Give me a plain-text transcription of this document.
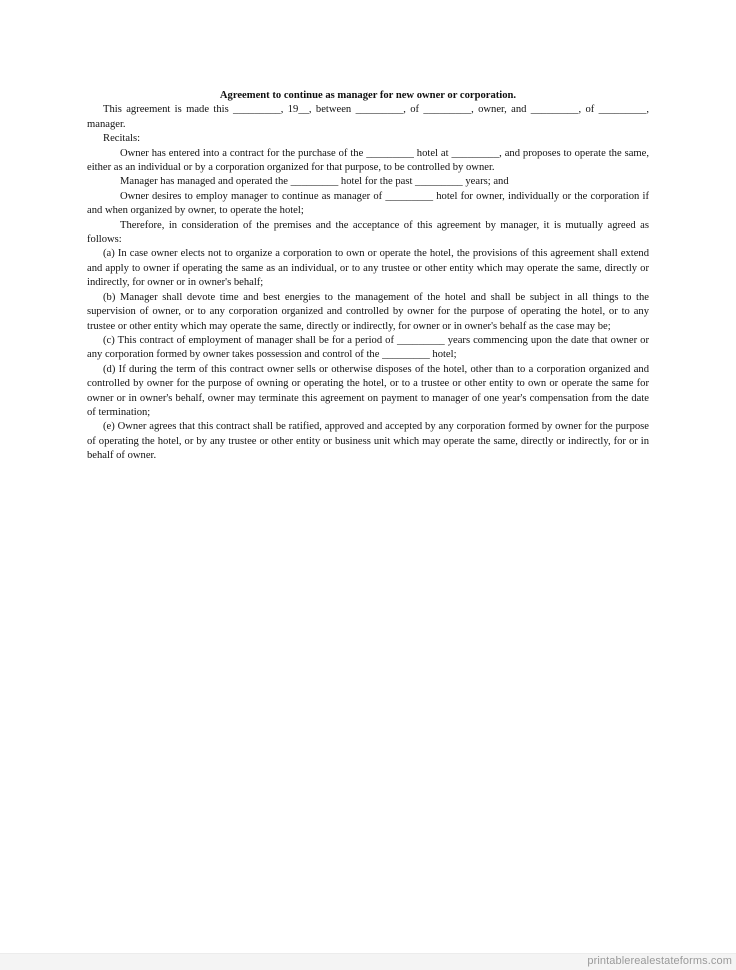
Agreement to continue as manager for new owner or corporation.

This agreement is made this _________, 19__, between _________, of _________, owner, and _________, of _________, manager.

Recitals:

Owner has entered into a contract for the purchase of the _________ hotel at _________, and proposes to operate the same, either as an individual or by a corporation organized for that purpose, to be controlled by owner.

Manager has managed and operated the _________ hotel for the past _________ years; and

Owner desires to employ manager to continue as manager of _________ hotel for owner, individually or the corporation if and when organized by owner, to operate the hotel;

Therefore, in consideration of the premises and the acceptance of this agreement by manager, it is mutually agreed as follows:

(a) In case owner elects not to organize a corporation to own or operate the hotel, the provisions of this agreement shall extend and apply to owner if operating the same as an individual, or to any trustee or other entity which may operate the same, directly or indirectly, for owner or in owner's behalf;

(b) Manager shall devote time and best energies to the management of the hotel and shall be subject in all things to the supervision of owner, or to any corporation organized and controlled by owner for the purpose of operating the hotel, or to any trustee or other entity which may operate the same, directly or indirectly, for owner or in owner's behalf as the case may be;

(c) This contract of employment of manager shall be for a period of _________ years commencing upon the date that owner or any corporation formed by owner takes possession and control of the _________ hotel;

(d) If during the term of this contract owner sells or otherwise disposes of the hotel, other than to a corporation organized and controlled by owner for the purpose of owning or operating the hotel, or to a trustee or other entity to own or operate the same for owner or in owner's behalf, owner may terminate this agreement on payment to manager of one year's compensation from the date of termination;

(e) Owner agrees that this contract shall be ratified, approved and accepted by any corporation formed by owner for the purpose of operating the hotel, or by any trustee or other entity or business unit which may operate the same, directly or indirectly, for or in behalf of owner.

printablerealestateforms.com
